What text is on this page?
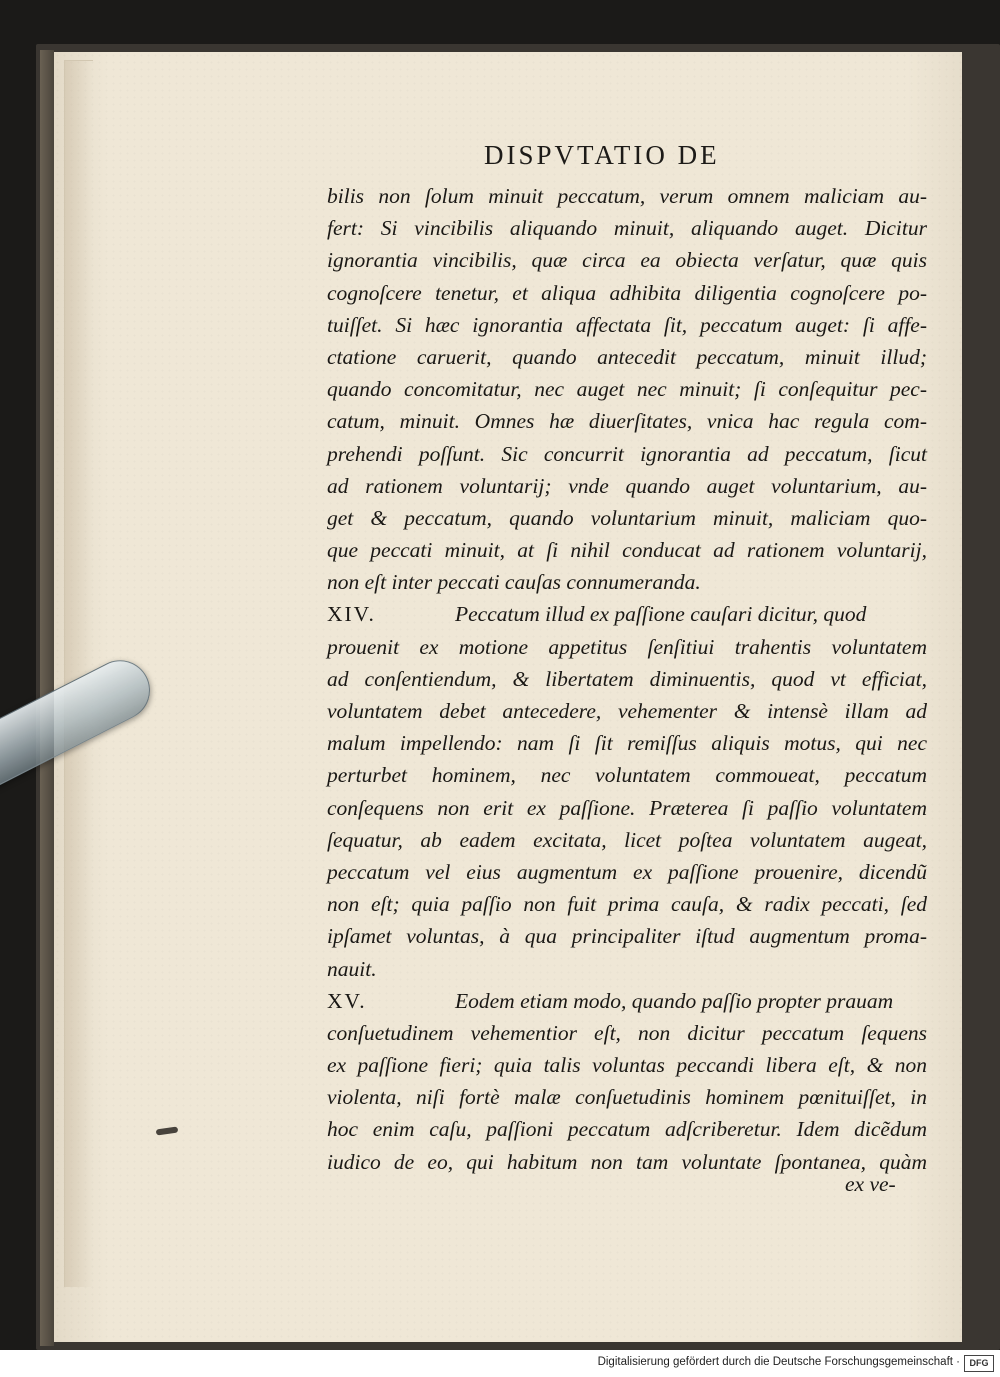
DISPVTATIO DE
bilis non ſolum minuit peccatum, verum omnem maliciam au-
fert: Si vincibilis aliquando minuit, aliquando auget. Dicitur
ignorantia vincibilis, quæ circa ea obiecta verſatur, quæ quis
cognoſcere tenetur, et aliqua adhibita diligentia cognoſcere po-
tuiſſet. Si hæc ignorantia affectata ſit, peccatum auget: ſi affe-
ctatione caruerit, quando antecedit peccatum, minuit illud;
quando concomitatur, nec auget nec minuit; ſi conſequitur pec-
catum, minuit. Omnes hæ diuerſitates, vnica hac regula com-
prehendi poſſunt. Sic concurrit ignorantia ad peccatum, ſicut
ad rationem voluntarij; vnde quando auget voluntarium, au-
get & peccatum, quando voluntarium minuit, maliciam quo-
que peccati minuit, at ſi nihil conducat ad rationem voluntarij,
non eſt inter peccati cauſas connumeranda.
XIV.	Peccatum illud ex paſſione cauſari dicitur, quod
prouenit ex motione appetitus ſenſitiui trahentis voluntatem
ad conſentiendum, & libertatem diminuentis, quod vt efficiat,
voluntatem debet antecedere, vehementer & intensè illam ad
malum impellendo: nam ſi ſit remiſſus aliquis motus, qui nec
perturbet hominem, nec voluntatem commoueat, peccatum
conſequens non erit ex paſſione. Præterea ſi paſſio voluntatem
ſequatur, ab eadem excitata, licet poſtea voluntatem augeat,
peccatum vel eius augmentum ex paſſione prouenire, dicendũ
non eſt; quia paſſio non fuit prima cauſa, & radix peccati, ſed
ipſamet voluntas, à qua principaliter iſtud augmentum proma-
nauit.
XV.	Eodem etiam modo, quando paſſio propter prauam
conſuetudinem vehementior eſt, non dicitur peccatum ſequens
ex paſſione fieri; quia talis voluntas peccandi libera eſt, & non
violenta, niſi fortè malæ conſuetudinis hominem pœnituiſſet, in
hoc enim caſu, paſſioni peccatum adſcriberetur. Idem dicẽdum
iudico de eo, qui habitum non tam voluntate ſpontanea, quàm
ex ve-
Digitalisierung gefördert durch die Deutsche Forschungsgemeinschaft ·	DFG
